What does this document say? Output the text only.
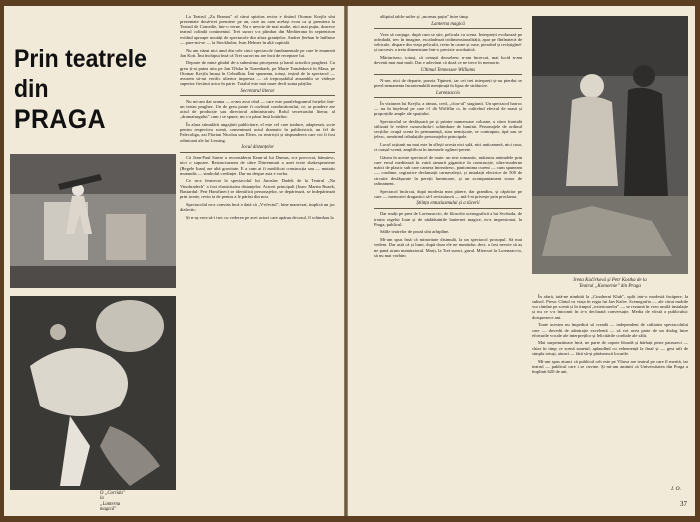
Prin teatrele
din
PRAGA

La Teatrul „Za Branou" al cărui spiritus rector e tînărul Otomar Krejča sînt prezentate două-trei premiere pe an, care au cam același ecou ca și premiera la Teatrul de Comedie, într-o verne. Nu e nevoie de mai multe, nici mai puțin, doarece teatrul colindă continentul. Trei surori s-a plimbat din Mediterana în septentrion evitînd aproape noutăți de spectacole din afara granițelor. Andrei Șerban le întîlnise — pare-mi-se — la Stockholm; Ivan Helmer în altă capitală.

Nu am văzut nici anul din cele cinci spectacole fundamentale pe care le enumeră Jan Kott. Îmi închipui însă că Trei surori nu are încă de receptare lui.

Departe de mine gîndul de-a subestima priceperea și harul actorilor praghezi. Cu greu ți-ai putea uita pe Jan Tříska în Tuzenbach, pe Marie Tománková în Masa, pe Otomar Krejča însuși în Cebutîkin. Ĭmi spuneam, totuși, ieșind de la spectacol — avusem să-mi verific ulterior impresia — că ireproșabilul ansamblu se vădește superior fiecărui actor în parte. Totalul este mai mare decît suma părților.

Secretarul literar

Nu mi-am dat seama — n-am avut cînd — care este paralelogramul forțelor într-un teatru praghez. Un de greu poate fi cuvîntul conducătorului, ce, ar pondere are actul de producție sau directorul administrativ. Rolul secretarului literar, al „dramaturgului" cum i se spune, mi s-a părut însă hotărîtor.

În afara stimulării angajării publicitare, el este cel care traduce, adaptează, scrie pentru respectiva scenă, comentează actul dramatic în publicistică, un fel de Palecoliga, azi Florian Nicolau sau Elvin, cu restricții și răspunderea care voi fi fost odinioară ale lui Lessing.

Jocul distanțelor

Că Jean-Paul Sartre a reconsiderat Kean-ul lui Dumas, n-a provocat, bănuiesc, nici o supoare. Restructurarea de către Dürrenmatt a unei texte shakespeariene (Regele Ioan) are altă gravitate. E a cum ai fi modificat construcția sau — mutatis mutandis — simbolul credinței. Dar nu despre asta e vorba.

Ce m-a fermecat la spectacolul lui Jaroslav Dudek de la Teatrul „Na Vinohradech" a fost elasticitatea distanțelor. Actorii principali (Ioan: Martin Ruzek, Bastardul: Petr Haničinec) se identifică personajelor, se depărtează, se îndepărtează prin ironie, revin ia de pentru a le părăsi din nou.

Spectacolul m-a convins încă o dată că „V-efectul", bine manevrat, implică un joc dialectic.

Și n-aș vrea să-i trec cu vederea pe acei actori care apărau decorul, îl schimbau la

O „Corrida"
la
„Lanterna
magică"

alîtpital tablo-uriler și „moreau puțin" între timp.

Lanterna magică

Vrea să conjuge, după cum se știe, pelicula cu scena. Interpreții evoluează pe acîndadă, trec în imagine, escaladează tridimensionalității, apar pe fîntînatecă de vehicule, dispare din viața peliculii, revin în carne și oase, pierzînd și recîștigînd-și succesiv a treia dimensiune într-o precizie acrobatică.

Mărturisesc, totuși, că cenușii deosebesc n-am încercat, mai lucid n-am devenit mai mai mult. Dar e adevărat că doză ce ne trece în memorie.

Ultimul Tennessee Williams

N-are, nici de departe, poezia Tipineri, iar cei trei interpreți și-au pierdut se pierd nemanenta încontenabilă menținuță în lipsa de strălucire.

Lorenzaccio

În viziunea lui Krejča, a rămas, cred, „clou-ul" stagiunii. Un spectacol barroc — nu în înțelesul pe care i-l dă Wölfflin ci, în cultivînd efectul de masă și proporțiile ample ale spațiului.

Spectacolul se desfășoară pe și printre numeroase coloane, a căror frontală stilizată le vedere cunoscîndu-i schimbare de lumină. Personajele de ordinul secțiilor ocupă scena în permanență, stau nemișcate, se contrapun, tipă sau se jelesc, urmărind tribulațiile personajelor principale.

Locul acțiunii nu mai este în sfîrșit acesta nici sală, nici anticameră, nici casa; ci orașul-scenă, amplificat în imensele oglinzi-perete.

Găsim în aceste spectacol de toate: un text romantic, măiastru animalele prin care eroul meditează în vatră ramurii gigantice în construcție, ultra-moderne mătci de plastic sub care camera întrezăresc, pantomima curent — cum spuneam —, crudime, orgiastice declamații carnavalești, și instalații electrice de 500 de circuite desfășurate în pereții luminoase, și un acompaniament sonor de rafinament.

Spectacol încărcat, după modesta mea părere, dar grandios, și căpăcior pe care — memoriei dragastici să-l revizuiască — mă-l-ai privește prin proclama.

Știința entuziasmului și a tăcerii

Dar mulți pe prea de Lorenzaccio, de filosofia scenografică a lui Svoboda, de ironia regelui Ioan și de nădăduiniile lanternei magice, m-a impresionat, la Praga, publicul.

Sălile teatrelor de proză sînt arhipline.

Mi-am spus însă că minoritate disimulă, la un spectacol prosopul. Să mai vedem. Dar astă că și lumi, după doza ele ne numărăsc deci, a fost nevoie să aș ne pună acum număratorul. Marți, la Trei surori, gurul. Miercuri la Lorenzaccio, să nu mai vorbim

Irena Kačírková și Petr Kostka de la
Teatrul „Komornie" din Praga

În afară, iată-ne nimbită la „Cinoherní Klub", oplit intr-o modestă încăpere, la subsol. Piesa: Cîntul cu viața în regia lui Jan Kačer. Scenografia — ale cărui mobile vor rămîne pe scenă și în timpul „exterioarelor" — se rezumă în vreo umilă instalație și nu ce s-a întocmit în tr-o declarată conversație. Media de vîrstă a publicului: doisprezece ani.

Toate acestea nu împedică să creadă — independent de calitatea spectacolului care — dovedit de admirație excelentă — să voi avea parte de un dialog între eforturile vocale ale interpreților și felicitările cordiale ale sălii.

Mai surprinzătoare încă, ne parte de capote bloudă și bărbați peste patruzeci — chiar în timp ce scenă sunetul, aplaudînd cu vehemență la final și — gest atît de simplu totuși, atunci — fără să-și părăsească locurile.

Mi-am spus atunci că publicul ceh este pe Vltava are teatrul pe care îl merită, iar teatrul — publicul care i se cuvine. Și mi-am amintit că Universitatea din Praga a împlinit 620 de ani.

I. O.
37
